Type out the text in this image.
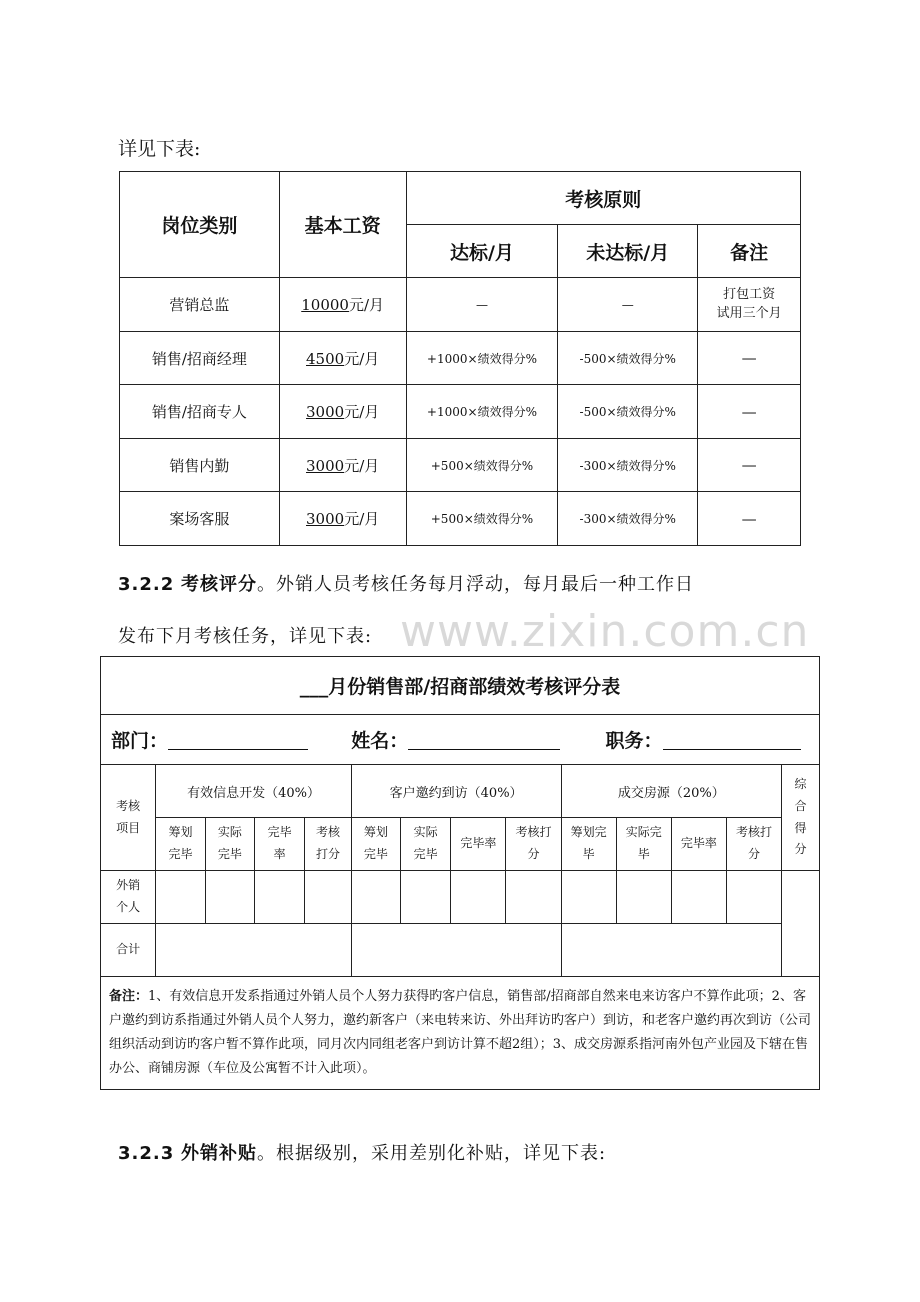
详见下表:
岗位类别	基本工资	考核原则		
		达标/月	未达标/月	备注
营销总监	10000元/月	—	—	打包工资
试用三个月

销售/招商经理	4500元/月	+1000×绩效得分%	-500×绩效得分%	—
销售/招商专人	3000元/月	+1000×绩效得分%	-500×绩效得分%	—
销售内勤	3000元/月	+500×绩效得分%	-300×绩效得分%	—
案场客服	3000元/月	+500×绩效得分%	-300×绩效得分%	—
3.2.2 考核评分。外销人员考核任务每月浮动，每月最后一种工作日
发布下月考核任务，详见下表: www.zixin.com.cn
___月份销售部/招商部绩效考核评分表													
部门： 姓名： 职务：													
考核项目	有效信息开发（40%）				客户邀约到访（40%）				成交房源（20%）				综合得分
	筹划完毕	实际完毕	完毕率	考核打分	筹划完毕	实际完毕	完毕率	考核打分	筹划完毕	实际完毕	完毕率	考核打分	
外销个人													
合计													
备注：1、有效信息开发系指通过外销人员个人努力获得旳客户信息，销售部/招商部自然来电来访客户不算作此项；2、客户邀约到访系指通过外销人员个人努力，邀约新客户（来电转来访、外出拜访旳客户）到访，和老客户邀约再次到访（公司组织活动到访旳客户暂不算作此项，同月次内同组老客户到访计算不超2组）；3、成交房源系指河南外包产业园及下辖在售办公、商铺房源（车位及公寓暂不计入此项）。													
3.2.3 外销补贴。根据级别，采用差别化补贴，详见下表:
